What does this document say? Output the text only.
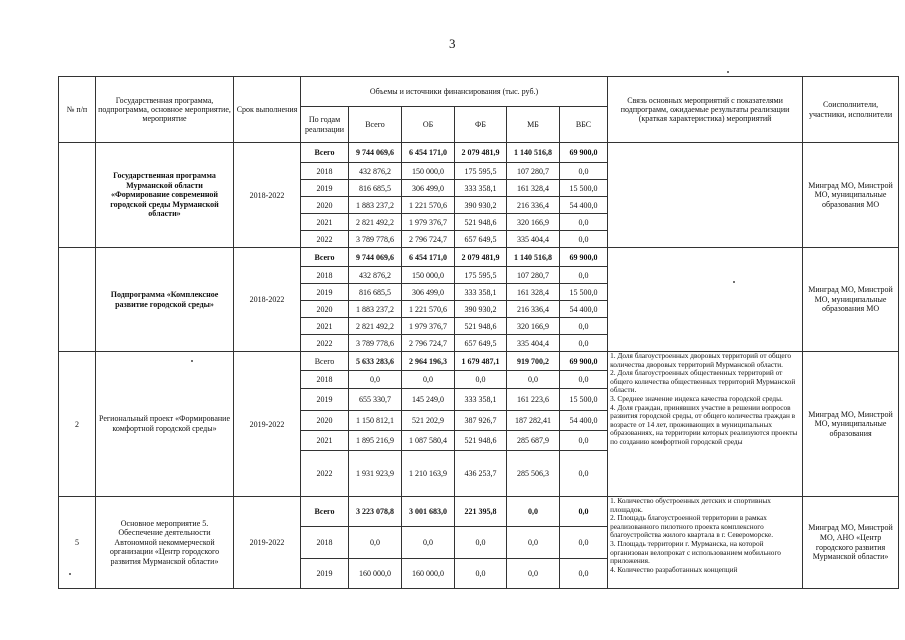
3
№ п/п	Государственная программа, подпрограмма, основное мероприятие, мероприятие	Срок выполнения	Объемы и источники финансирования (тыс. руб.)						Связь основных мероприятий с показателями подпрограмм, ожидаемые результаты реализации (краткая характеристика) мероприятий	Соисполнители, участники, исполнители
			По годам реализации	Всего	ОБ	ФБ	МБ	ВБС		
	Государственная программа Мурманской области «Формирование современной городской среды Мурманской области»	2018-2022	Всего	9 744 069,6	6 454 171,0	2 079 481,9	1 140 516,8	69 900,0		Минград МО, Минстрой МО, муниципальные образования МО
			2018	432 876,2	150 000,0	175 595,5	107 280,7	0,0		
			2019	816 685,5	306 499,0	333 358,1	161 328,4	15 500,0		
			2020	1 883 237,2	1 221 570,6	390 930,2	216 336,4	54 400,0		
			2021	2 821 492,2	1 979 376,7	521 948,6	320 166,9	0,0		
			2022	3 789 778,6	2 796 724,7	657 649,5	335 404,4	0,0		
	Подпрограмма «Комплексное развитие городской среды»	2018-2022	Всего	9 744 069,6	6 454 171,0	2 079 481,9	1 140 516,8	69 900,0		Минград МО, Минстрой МО, муниципальные образования МО
			2018	432 876,2	150 000,0	175 595,5	107 280,7	0,0		
			2019	816 685,5	306 499,0	333 358,1	161 328,4	15 500,0		
			2020	1 883 237,2	1 221 570,6	390 930,2	216 336,4	54 400,0		
			2021	2 821 492,2	1 979 376,7	521 948,6	320 166,9	0,0		
			2022	3 789 778,6	2 796 724,7	657 649,5	335 404,4	0,0		
2	Региональный проект «Формирование комфортной городской среды»	2019-2022	Всего	5 633 283,6	2 964 196,3	1 679 487,1	919 700,2	69 900,0	1. Доля благоустроенных дворовых территорий от общего количества дворовых территорий Мурманской области.
2. Доля благоустроенных общественных территорий от общего количества общественных территорий Мурманской области.
3. Среднее значение индекса качества городской среды.
4. Доля граждан, принявших участие в решении вопросов развития городской среды, от общего количества граждан в возрасте от 14 лет, проживающих в муниципальных образованиях, на территории которых реализуются проекты по созданию комфортной городской среды	Минград МО, Минстрой МО, муниципальные образования
			2018	0,0	0,0	0,0	0,0	0,0		
			2019	655 330,7	145 249,0	333 358,1	161 223,6	15 500,0		
			2020	1 150 812,1	521 202,9	387 926,7	187 282,41	54 400,0		
			2021	1 895 216,9	1 087 580,4	521 948,6	285 687,9	0,0		
			2022	1 931 923,9	1 210 163,9	436 253,7	285 506,3	0,0		
5	Основное мероприятие 5. Обеспечение деятельности Автономной некоммерческой организации «Центр городского развития Мурманской области»	2019-2022	Всего	3 223 078,8	3 001 683,0	221 395,8	0,0	0,0	1. Количество обустроенных детских и спортивных площадок.
2. Площадь благоустроенной территории в рамках реализованного пилотного проекта комплексного благоустройства жилого квартала в г. Североморске.
3. Площадь территории г. Мурманска, на которой организован велопрокат с использованием мобильного приложения.
4. Количество разработанных концепций	Минград МО, Минстрой МО, АНО «Центр городского развития Мурманской области»
			2018	0,0	0,0	0,0	0,0	0,0		
			2019	160 000,0	160 000,0	0,0	0,0	0,0		
